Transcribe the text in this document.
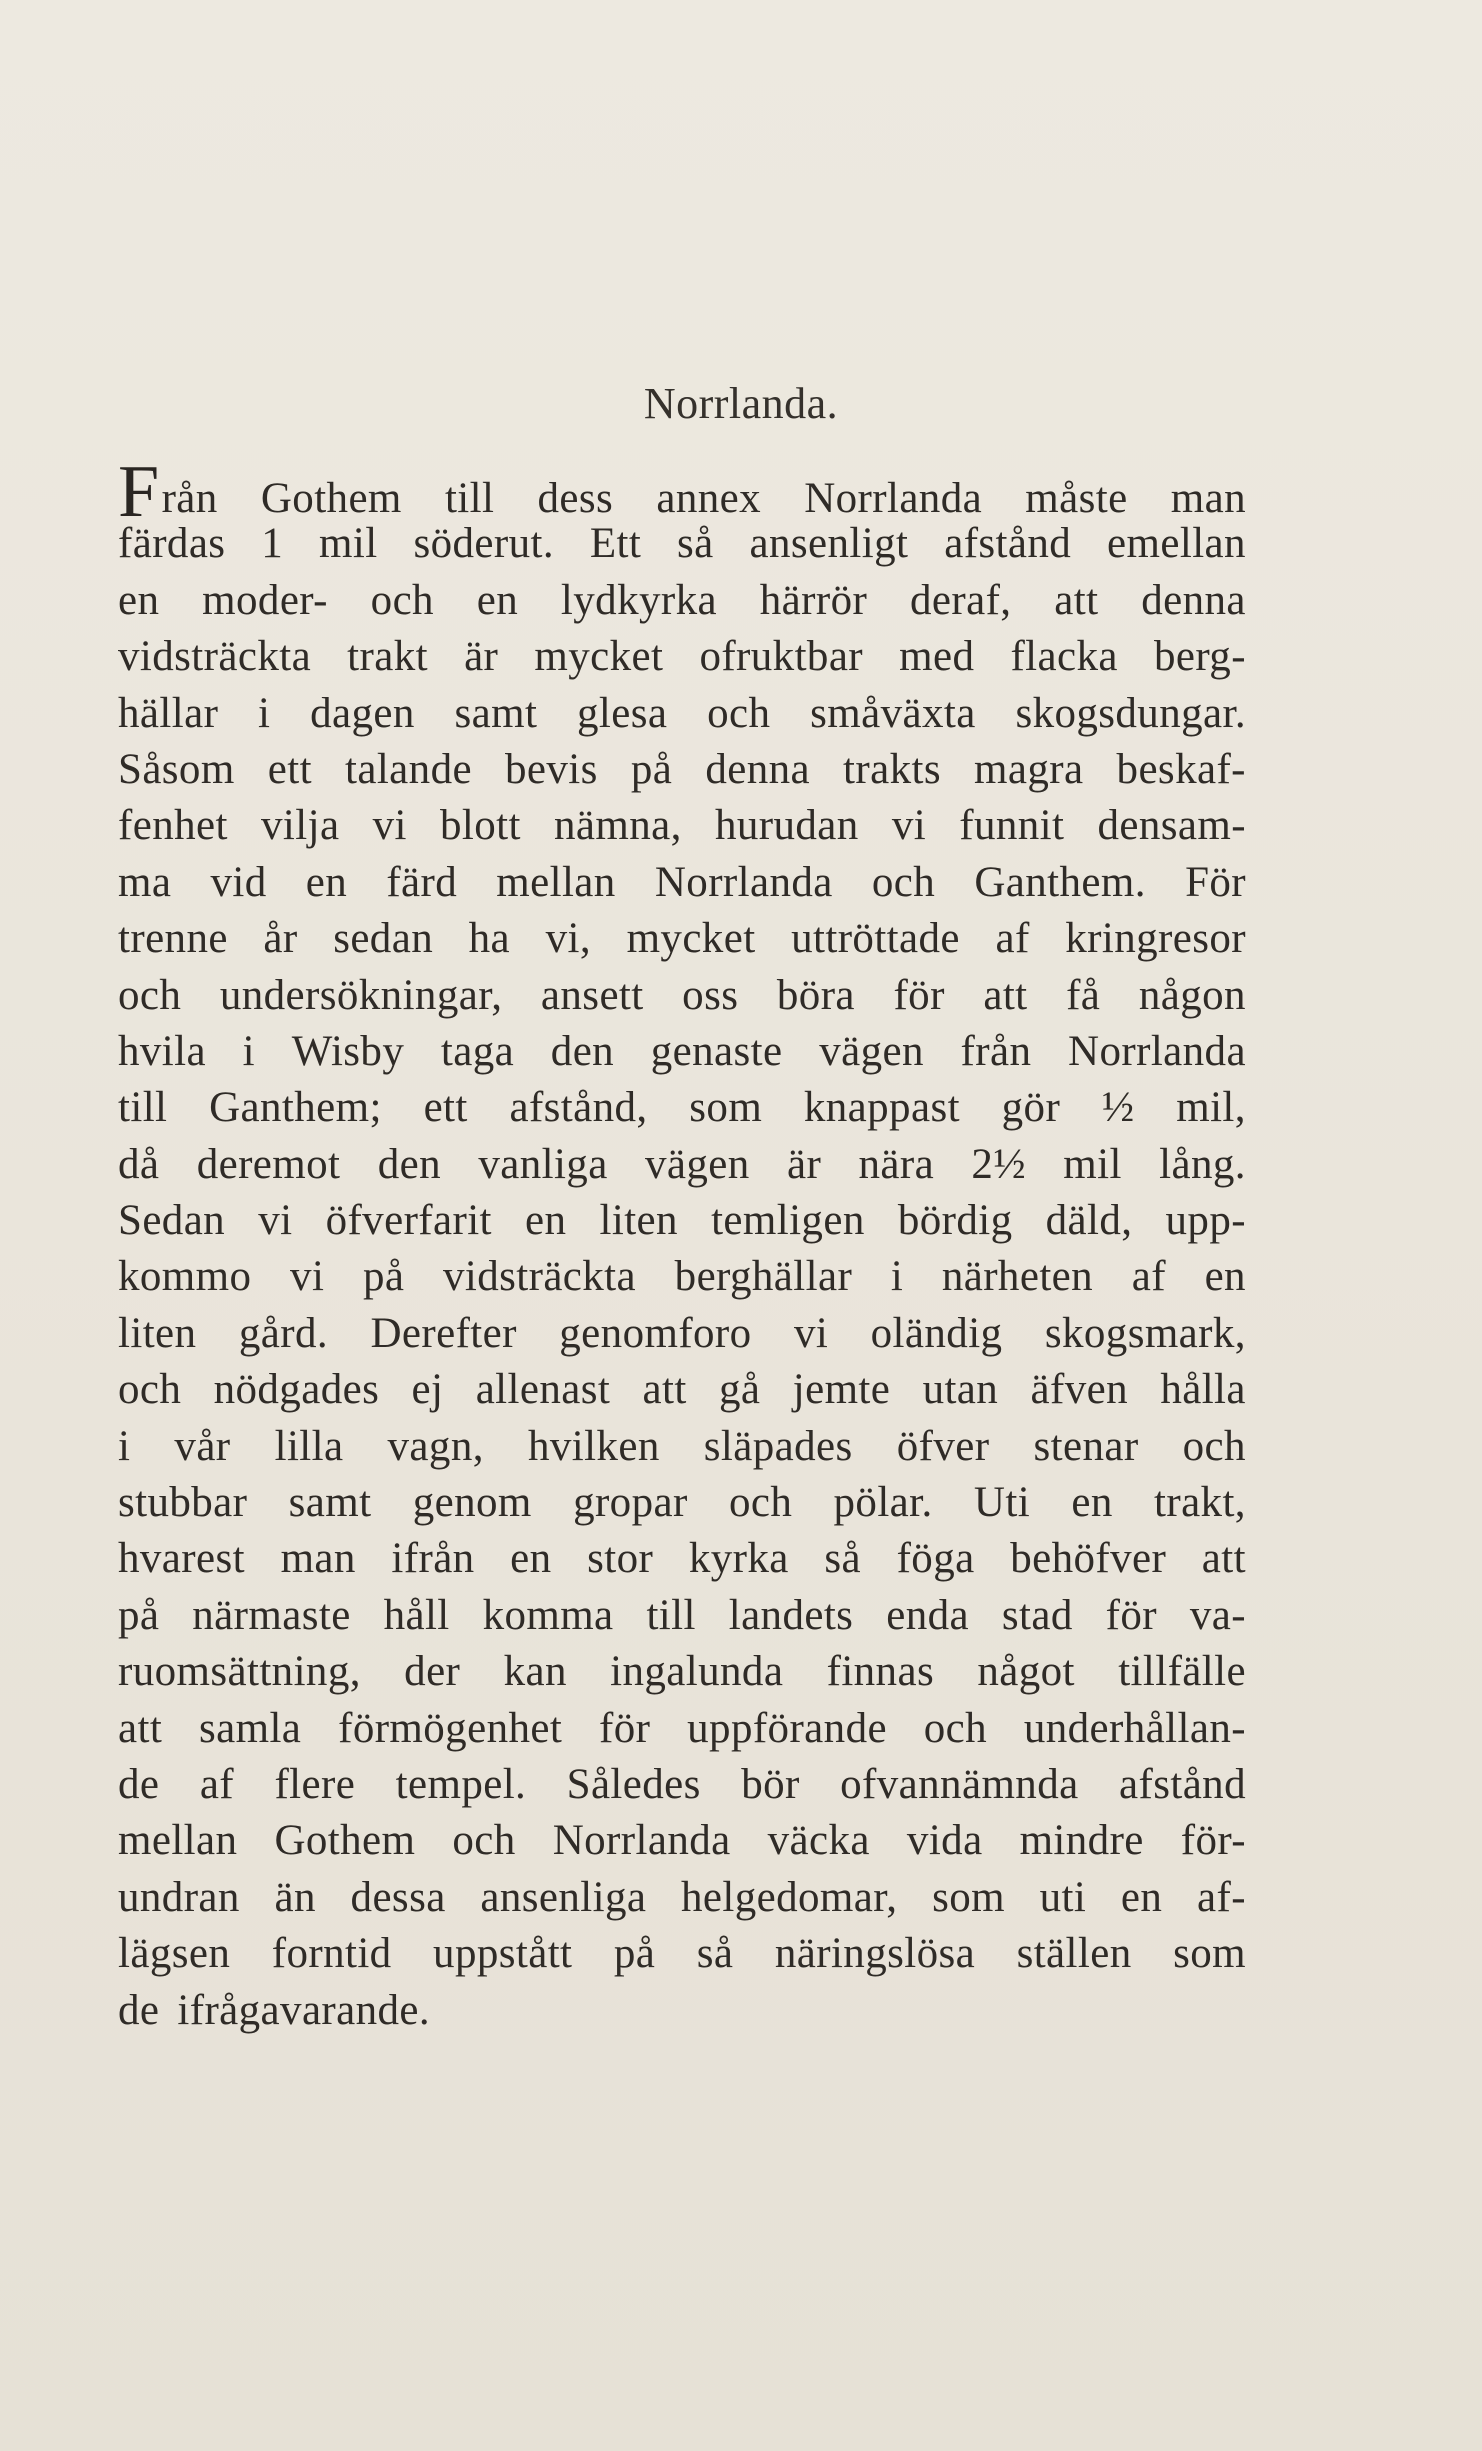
Norrlanda.
F rån Gothem till dess annex Norrlanda måste man
färdas 1 mil söderut. Ett så ansenligt afstånd emellan
en moder- och en lydkyrka härrör deraf, att denna
vidsträckta trakt är mycket ofruktbar med flacka berg-
hällar i dagen samt glesa och småväxta skogsdungar.
Såsom ett talande bevis på denna trakts magra beskaf-
fenhet vilja vi blott nämna, hurudan vi funnit densam-
ma vid en färd mellan Norrlanda och Ganthem. För
trenne år sedan ha vi, mycket uttröttade af kringresor
och undersökningar, ansett oss böra för att få någon
hvila i Wisby taga den genaste vägen från Norrlanda
till Ganthem; ett afstånd, som knappast gör ½ mil,
då deremot den vanliga vägen är nära 2½ mil lång.
Sedan vi öfverfarit en liten temligen bördig däld, upp-
kommo vi på vidsträckta berghällar i närheten af en
liten gård. Derefter genomforo vi oländig skogsmark,
och nödgades ej allenast att gå jemte utan äfven hålla
i vår lilla vagn, hvilken släpades öfver stenar och
stubbar samt genom gropar och pölar. Uti en trakt,
hvarest man ifrån en stor kyrka så föga behöfver att
på närmaste håll komma till landets enda stad för va-
ruomsättning, der kan ingalunda finnas något tillfälle
att samla förmögenhet för uppförande och underhållan-
de af flere tempel. Således bör ofvannämnda afstånd
mellan Gothem och Norrlanda väcka vida mindre för-
undran än dessa ansenliga helgedomar, som uti en af-
lägsen forntid uppstått på så näringslösa ställen som
de ifrågavarande.
